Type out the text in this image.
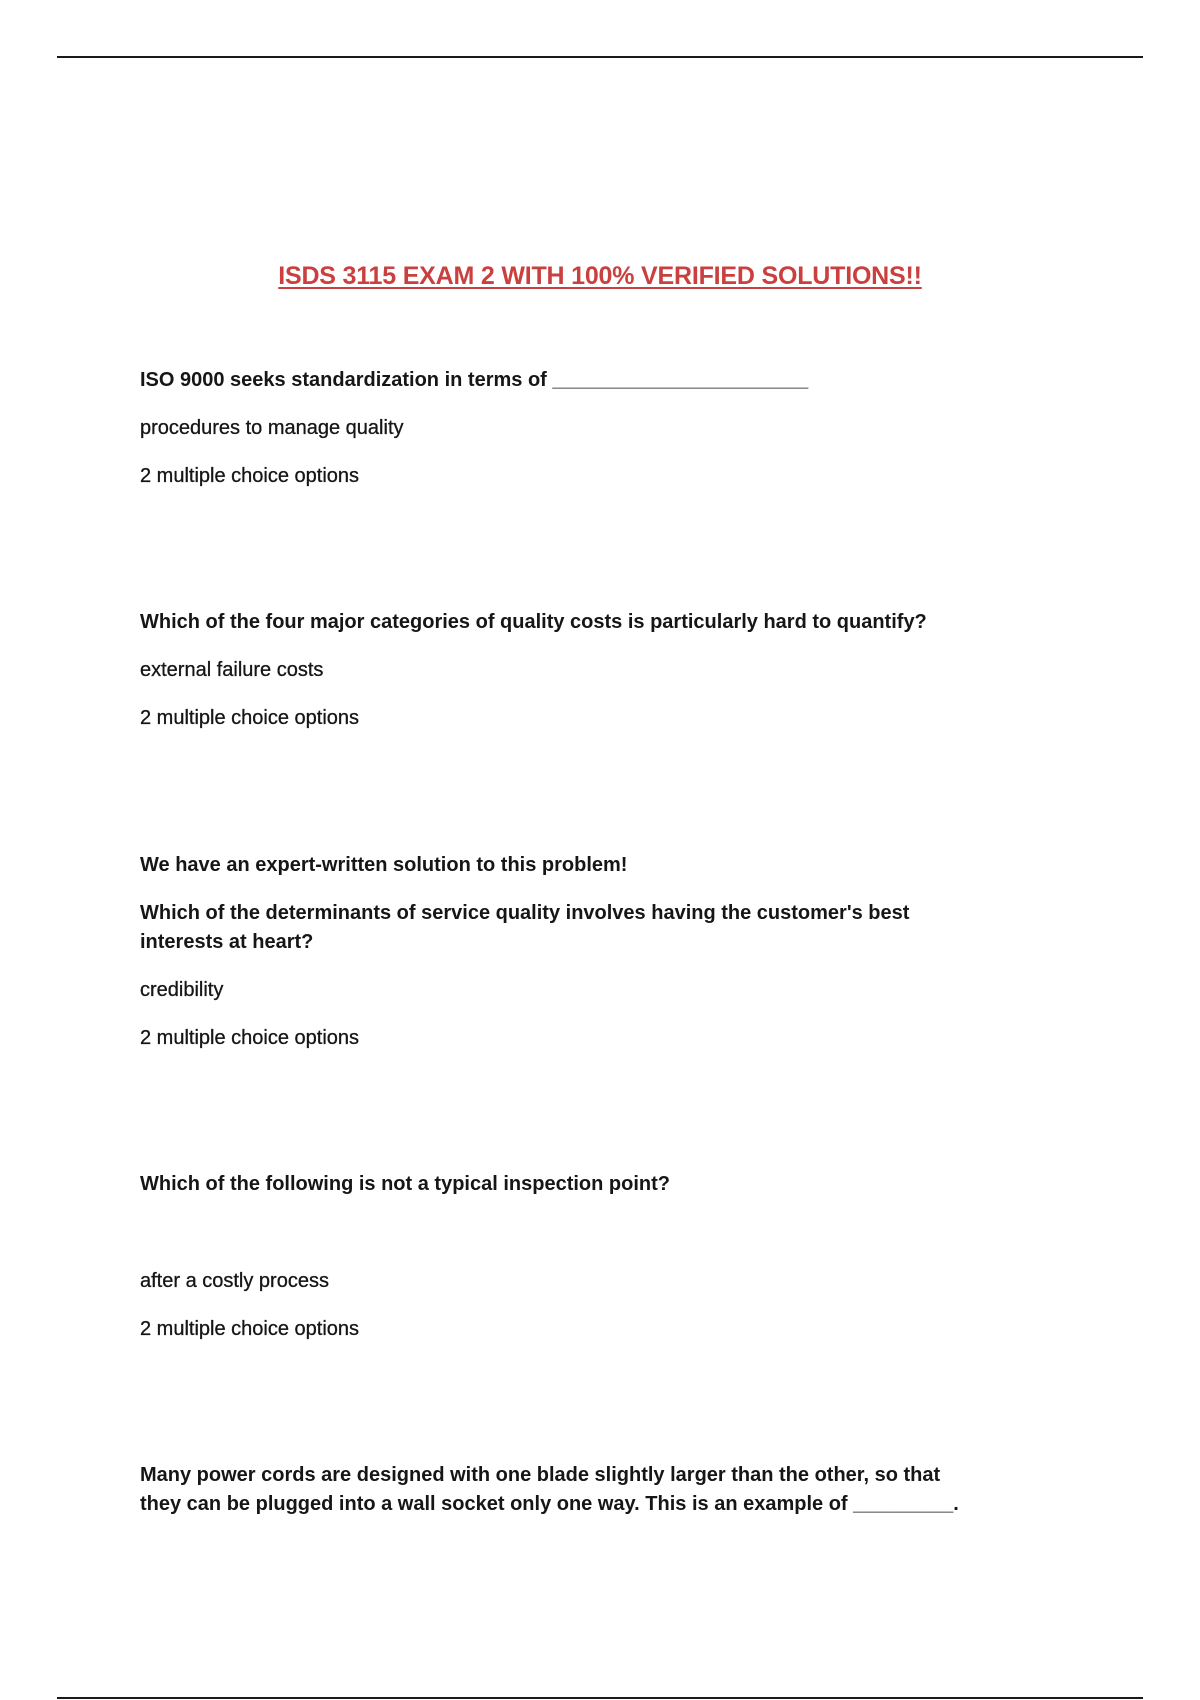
ISDS 3115 EXAM 2 WITH 100% VERIFIED SOLUTIONS!!
ISO 9000 seeks standardization in terms of _______________________
procedures to manage quality
2 multiple choice options
Which of the four major categories of quality costs is particularly hard to quantify?
external failure costs
2 multiple choice options
We have an expert-written solution to this problem!
Which of the determinants of service quality involves having the customer's best
interests at heart?
credibility
2 multiple choice options
Which of the following is not a typical inspection point?
after a costly process
2 multiple choice options
Many power cords are designed with one blade slightly larger than the other, so that
they can be plugged into a wall socket only one way. This is an example of _________.
